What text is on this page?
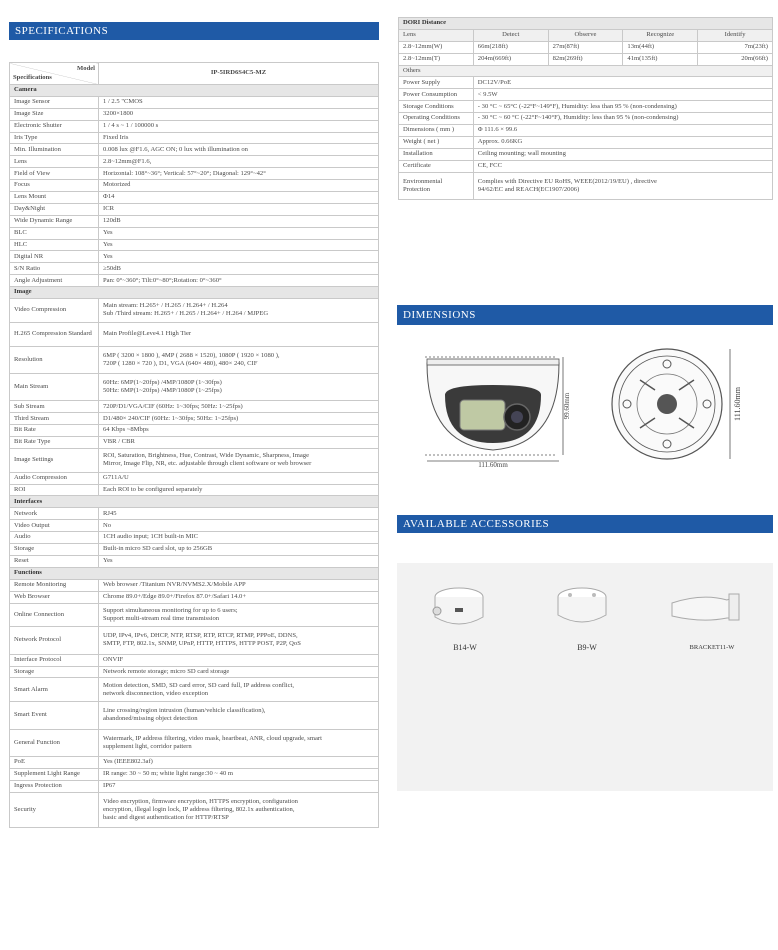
SPECIFICATIONS
Model
Specifications	IP-5IRD6S4C5-MZ
Camera	
Image Sensor	1 / 2.5 "CMOS

Image Size	3200×1800

Electronic Shutter	1 / 4 s ~ 1 / 100000 s

Iris Type	Fixed Iris

Min. Illumination	0.008 lux @F1.6, AGC ON; 0 lux with illumination on

Lens	2.8~12mm@F1.6,

Field of View	Horizontal: 108°~36°; Vertical: 57°~20°; Diagonal: 129°~42°

Focus	Motorized

Lens Mount	Φ14

Day&Night	ICR

Wide Dynamic Range	120dB

BLC	Yes

HLC	Yes

Digital NR	Yes

S/N Ratio	≥50dB

Angle Adjustment	Pan: 0°~360°; Tilt:0°~80°;Rotation: 0°~360°

Image	
Video Compression	Main stream: H.265+ / H.265 / H.264+ / H.264
Sub /Third stream: H.265+ / H.265 / H.264+ / H.264 / MJPEG

H.265 Compression Standard	Main Profile@Leve4.1 High Tier

Resolution	6MP ( 3200 × 1800 ), 4MP ( 2688 × 1520), 1080P ( 1920 × 1080 ),
720P ( 1280 × 720 ), D1, VGA (640× 480), 480× 240, CIF

Main Stream	60Hz: 6MP(1~20fps) /4MP/1080P (1~30fps)
50Hz: 6MP(1~20fps) /4MP/1080P (1~25fps)

Sub Stream	720P/D1/VGA/CIF (60Hz: 1~30fps; 50Hz: 1~25fps)

Third Stream	D1/480× 240/CIF (60Hz: 1~30fps; 50Hz: 1~25fps)

Bit Rate	64 Kbps ~8Mbps

Bit Rate Type	VBR / CBR

Image Settings	ROI, Saturation, Brightness, Hue, Contrast, Wide Dynamic, Sharpness, Image
Mirror, Image Flip, NR, etc. adjustable through client software or web browser

Audio Compression	G711A/U

ROI	Each ROI to be configured separately

Interfaces	
Network	RJ45

Video Output	No

Audio	1CH audio input; 1CH built-in MIC

Storage	Built-in micro SD card slot, up to 256GB

Reset	Yes

Functions	
Remote Monitoring	Web browser /Titanium NVR/NVMS2.X/Mobile APP

Web Browser	Chrome 89.0+/Edge 89.0+/Firefox 87.0+/Safari 14.0+

Online Connection	Support simultaneous monitoring for up to 6 users;
Support multi-stream real time transmission

Network Protocol	UDP, IPv4, IPv6, DHCP, NTP, RTSP, RTP, RTCP, RTMP, PPPoE, DDNS,
SMTP, FTP, 802.1x, SNMP, UPnP, HTTP, HTTPS, HTTP POST, P2P, QoS

Interface Protocol	ONVIF

Storage	Network remote storage; micro SD card storage

Smart Alarm	Motion detection, SMD, SD card error, SD card full, IP address conflict,
network disconnection, video exception

Smart Event	Line crossing/region intrusion (human/vehicle classification),
abandoned/missing object detection

General Function	Watermark, IP address filtering, video mask, heartbeat, ANR, cloud upgrade, smart
supplement light, corridor pattern

PoE	Yes (IEEE802.3af)

Supplement Light Range	IR range: 30 ~ 50 m; white light range:30 ~ 40 m

Ingress Protection	IP67

Security	Video encryption, firmware encryption, HTTPS encryption, configuration
encryption, illegal login lock, IP address filtering, 802.1x authentication,
basic and digest authentication for HTTP/RTSP
DORI Distance				
Lens	Detect	Observe	Recognize	Identify
2.8~12mm(W)	66m(218ft)	27m(87ft)	13m(44ft)	7m(23ft)
2.8~12mm(T)	204m(669ft)	82m(269ft)	41m(135ft)	20m(66ft)
Others				
Power Supply	DC12V/PoE			

Power Consumption	< 9.5W			

Storage Conditions	- 30 °C ~ 65°C (-22°F~149°F), Humidity: less than 95 % (non-condensing)			

Operating Conditions	- 30 °C ~ 60 °C (-22°F~140°F), Humidity: less than 95 % (non-condensing)			

Dimensions ( mm )	Φ 111.6 × 99.6			

Weight ( net )	Approx. 0.66KG			

Installation	Ceiling mounting; wall mounting			

Certificate	CE, FCC			

Environmental Protection	Complies with Directive EU RoHS, WEEE(2012/19/EU) , directive
94/62/EC and REACH(EC1907/2006)			
DIMENSIONS
111.60mm
99.60mm	111.60mm
AVAILABLE ACCESSORIES
B14-W	B9-W	BRACKET11-W
